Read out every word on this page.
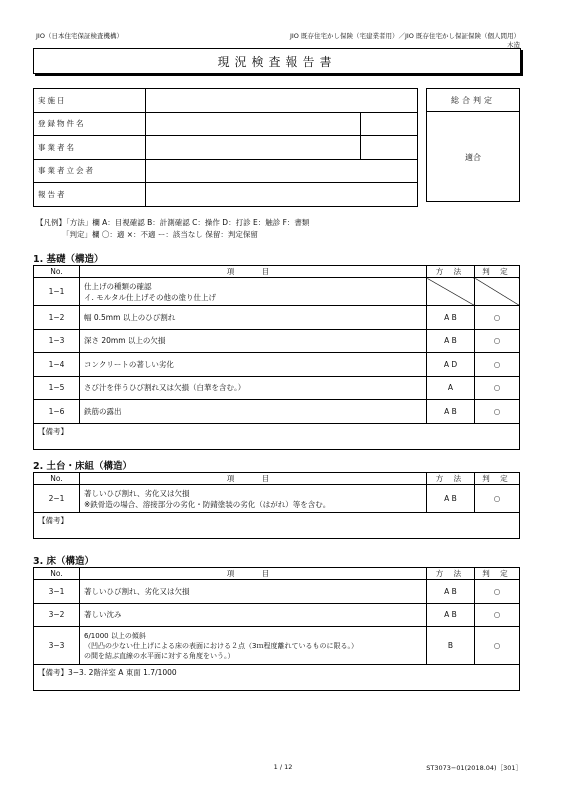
JIO（日本住宅保証検査機構）	JIO 既存住宅かし保険（宅建業者用）／JIO 既存住宅かし保証保険（個人間用）
木造
現況検査報告書
実施日		
登録物件名		
事業者名		
事業者立会者		
報告者		
総合判定
適合
【凡例】「方法」欄 A：目視確認 B：計測確認 C：操作 D：打診 E：触診 F：書類
「判定」欄 〇：適 ×：不適 ー：該当なし 保留：判定保留
1. 基礎（構造）
No.	項　目	方 法	判 定
1−1	仕上げの種類の確認
イ. モルタル仕上げその他の塗り仕上げ		

1−2	幅 0.5mm 以上のひび割れ	A B	○
1−3	深さ 20mm 以上の欠損	A B	○
1−4	コンクリートの著しい劣化	A D	○
1−5	さび汁を伴うひび割れ又は欠損（白華を含む。）	A	○
1−6	鉄筋の露出	A B	○
【備考】			
2. 土台・床組（構造）
No.	項　目	方 法	判 定
2−1	著しいひび割れ、劣化又は欠損
※鉄骨造の場合、溶接部分の劣化・防錆塗装の劣化（はがれ）等を含む。	A B	○
【備考】			
3. 床（構造）
No.	項　目	方 法	判 定
3−1	著しいひび割れ、劣化又は欠損	A B	○
3−2	著しい沈み	A B	○
3−3	6/1000 以上の傾斜
（凹凸の少ない仕上げによる床の表面における２点（3ｍ程度離れているものに限る。）
の間を結ぶ直線の水平面に対する角度をいう。）	B	○
【備考】3−3. 2階洋室 A 東面 1.7/1000			
1 / 12	ST3073−01(2018.04)［301］
